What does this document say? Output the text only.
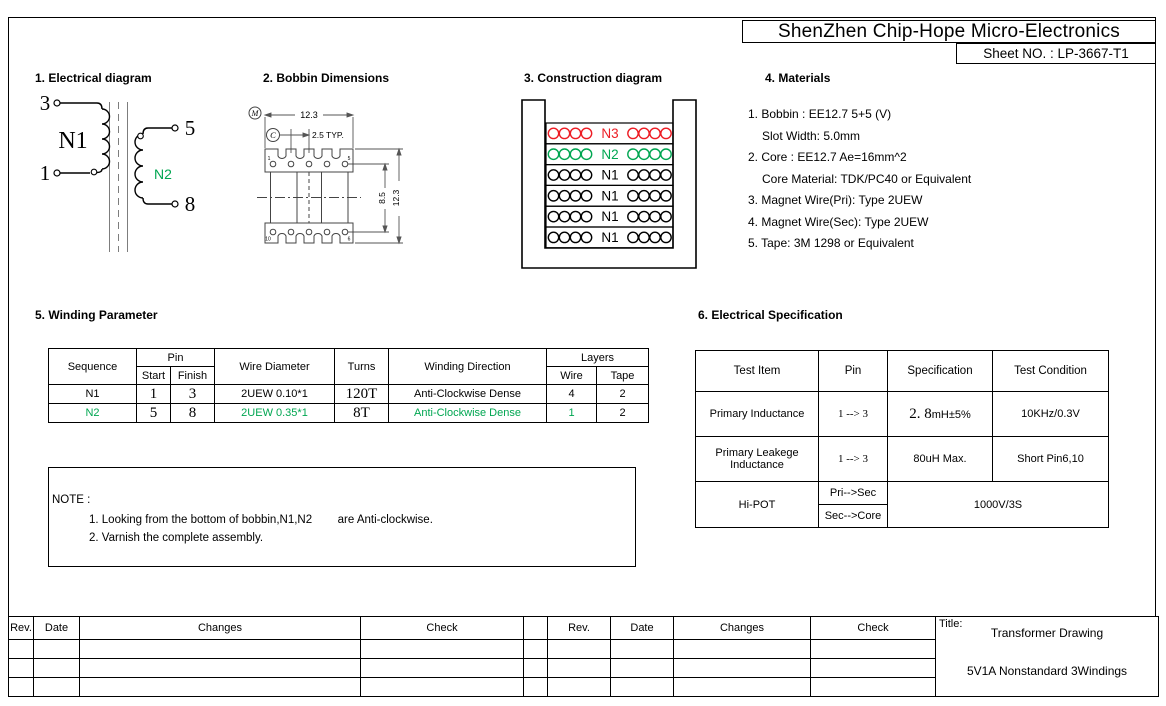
ShenZhen Chip-Hope Micro-Electronics
Sheet NO. : LP-3667-T1
1. Electrical diagram	2. Bobbin Dimensions	3. Construction diagram	4. Materials
5. Winding Parameter	6. Electrical Specification
3
1
5
8
N1
N2
M
C
12.3
2.5 TYP.
8.5 12.3
1	5
10	6
N3
N2
N1
N1
N1
N1
1. Bobbin : EE12.7 5+5 (V)
Slot Width: 5.0mm
2. Core : EE12.7 Ae=16mm^2
Core Material: TDK/PC40 or Equivalent
3. Magnet Wire(Pri): Type 2UEW
4. Magnet Wire(Sec): Type 2UEW
5. Tape: 3M 1298 or Equivalent
Sequence	Pin		Wire Diameter	Turns	Winding Direction	Layers	
	Start	Finish				Wire	Tape
N1	1	3	2UEW 0.10*1	120T	Anti-Clockwise Dense	4	2
N2	5	8	2UEW 0.35*1	8T	Anti-Clockwise Dense	1	2
NOTE :
1. Looking from the bottom of bobbin,N1,N2        are Anti-clockwise.
2. Varnish the complete assembly.
Test Item	Pin	Specification	Test Condition
Primary Inductance	1 --> 3	2. 8mH±5%	10KHz/0.3V
Primary Leakege Inductance	1 --> 3	80uH Max.	Short Pin6,10
Hi-POT	Pri-->Sec	1000V/3S	
	Sec-->Core		
Rev.	Date	Changes	Check		Rev.	Date	Changes	Check	Title:
Transformer Drawing
5V1A Nonstandard 3Windings
